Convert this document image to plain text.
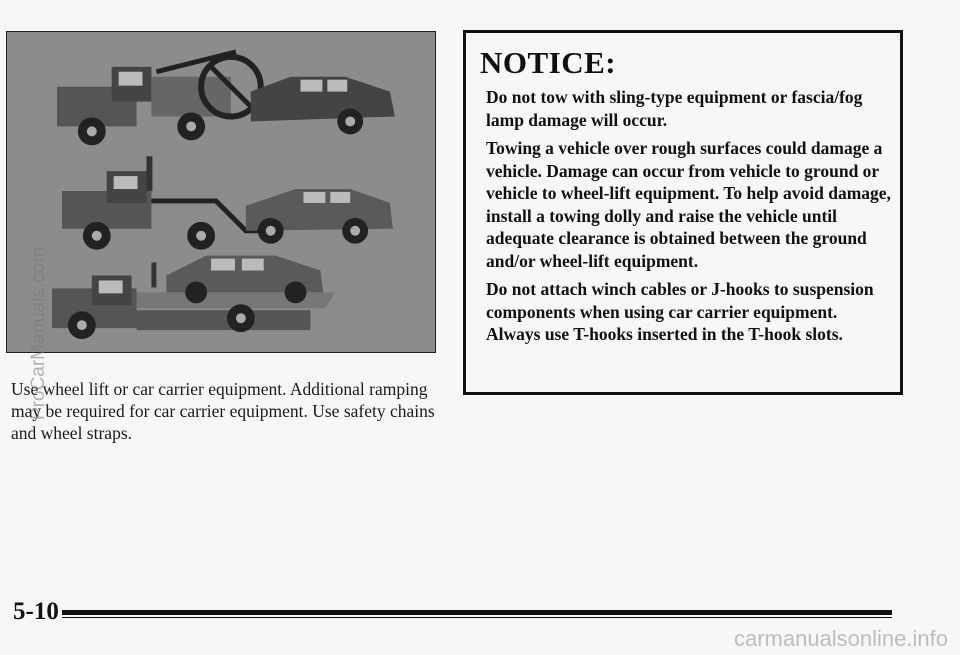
Use wheel lift or car carrier equipment. Additional ramping may be required for car carrier equipment. Use safety chains and wheel straps.
NOTICE:

Do not tow with sling-type equipment or fascia/fog lamp damage will occur.

Towing a vehicle over rough surfaces could damage a vehicle. Damage can occur from vehicle to ground or vehicle to wheel-lift equipment. To help avoid damage, install a towing dolly and raise the vehicle until adequate clearance is obtained between the ground and/or wheel-lift equipment.

Do not attach winch cables or J-hooks to suspension components when using car carrier equipment. Always use T-hooks inserted in the T-hook slots.

5-10
ProCarManuals.com
carmanualsonline.info
